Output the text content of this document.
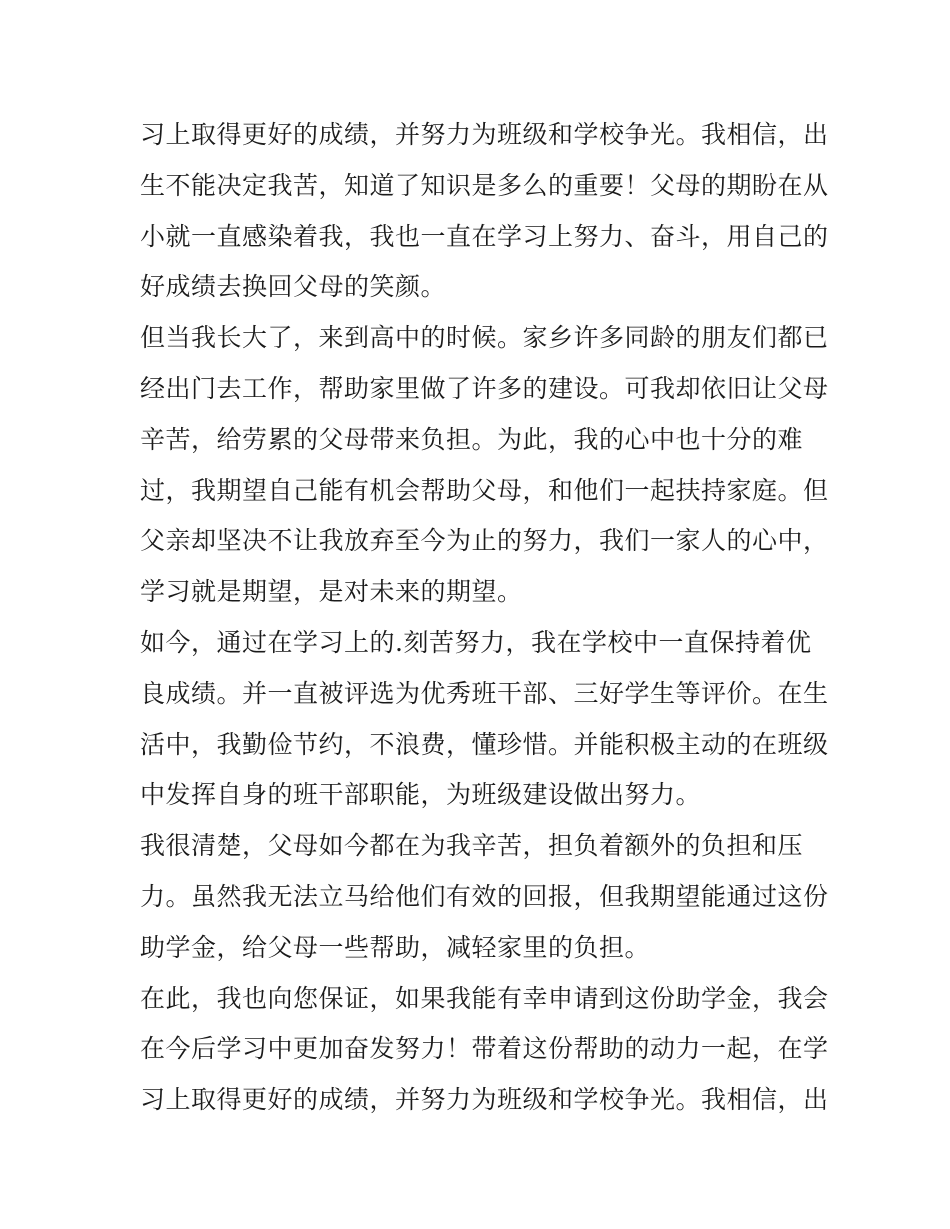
习上取得更好的成绩，并努力为班级和学校争光。我相信，出
生不能决定我苦，知道了知识是多么的重要！父母的期盼在从
小就一直感染着我，我也一直在学习上努力、奋斗，用自己的
好成绩去换回父母的笑颜。
但当我长大了，来到高中的时候。家乡许多同龄的朋友们都已
经出门去工作，帮助家里做了许多的建设。可我却依旧让父母
辛苦，给劳累的父母带来负担。为此，我的心中也十分的难
过，我期望自己能有机会帮助父母，和他们一起扶持家庭。但
父亲却坚决不让我放弃至今为止的努力，我们一家人的心中，
学习就是期望，是对未来的期望。
如今，通过在学习上的.刻苦努力，我在学校中一直保持着优
良成绩。并一直被评选为优秀班干部、三好学生等评价。在生
活中，我勤俭节约，不浪费，懂珍惜。并能积极主动的在班级
中发挥自身的班干部职能，为班级建设做出努力。
我很清楚，父母如今都在为我辛苦，担负着额外的负担和压
力。虽然我无法立马给他们有效的回报，但我期望能通过这份
助学金，给父母一些帮助，减轻家里的负担。
在此，我也向您保证，如果我能有幸申请到这份助学金，我会
在今后学习中更加奋发努力！带着这份帮助的动力一起，在学
习上取得更好的成绩，并努力为班级和学校争光。我相信，出
